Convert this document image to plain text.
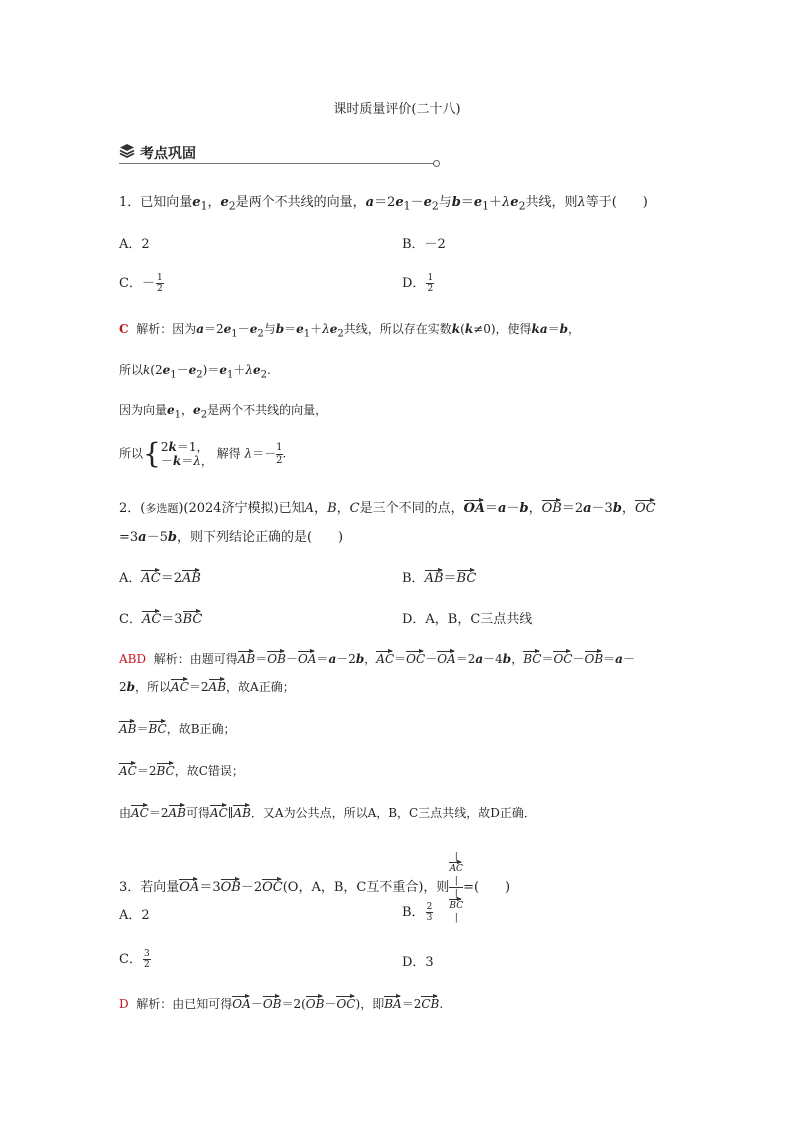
课时质量评价(二十八)
考点巩固
1．已知向量$e_1$，$e_2$是两个不共线的向量，$a=2e_1-e_2$与$b=e_1+\lambda e_2$共线，则λ等于(　　)
A．2	B．－2
C．－ $\frac{1}{2}$	D． $\frac{1}{2}$
C 解析：因为$a=2e_1-e_2$与$b=e_1+\lambda e_2$共线，所以存在实数k(k≠0)，使得ka＝b，
所以$k(2e_1-e_2)=e_1+\lambda e_2$.
因为向量$e_1$，$e_2$是两个不共线的向量，
所以{ 2k＝1，
－k＝λ，
解得 $\lambda=- \frac{1}{2}$ .
2．(多选题)(2024济宁模拟)已知A，B，C是三个不同的点，OA＝a－b，OB＝2a－3b，OC
=3a－5b，则下列结论正确的是(　　)
A．AC＝2AB	B．AB＝BC
C．AC＝3BC	D．A，B，C三点共线
ABD 解析：由题可得AB＝OB－OA＝a－2b，AC＝OC－OA＝2a－4b，BC＝OC－OB＝a－
2b，所以AC＝2AB，故A正确；
AB＝BC，故B正确；
AC＝2BC，故C错误；
由AC＝2AB可得AC∥AB．又A为公共点，所以A，B，C三点共线，故D正确．
3．若向量OA＝3OB－2OC(O，A，B，C互不重合)，则 |
AC
|
|
BC
| =(　　)
A．2	B． $\frac{2}{3}$
C． $\frac{3}{2}$	D．3
D 解析：由已知可得OA－OB＝2(OB－OC)，即BA＝2CB.
